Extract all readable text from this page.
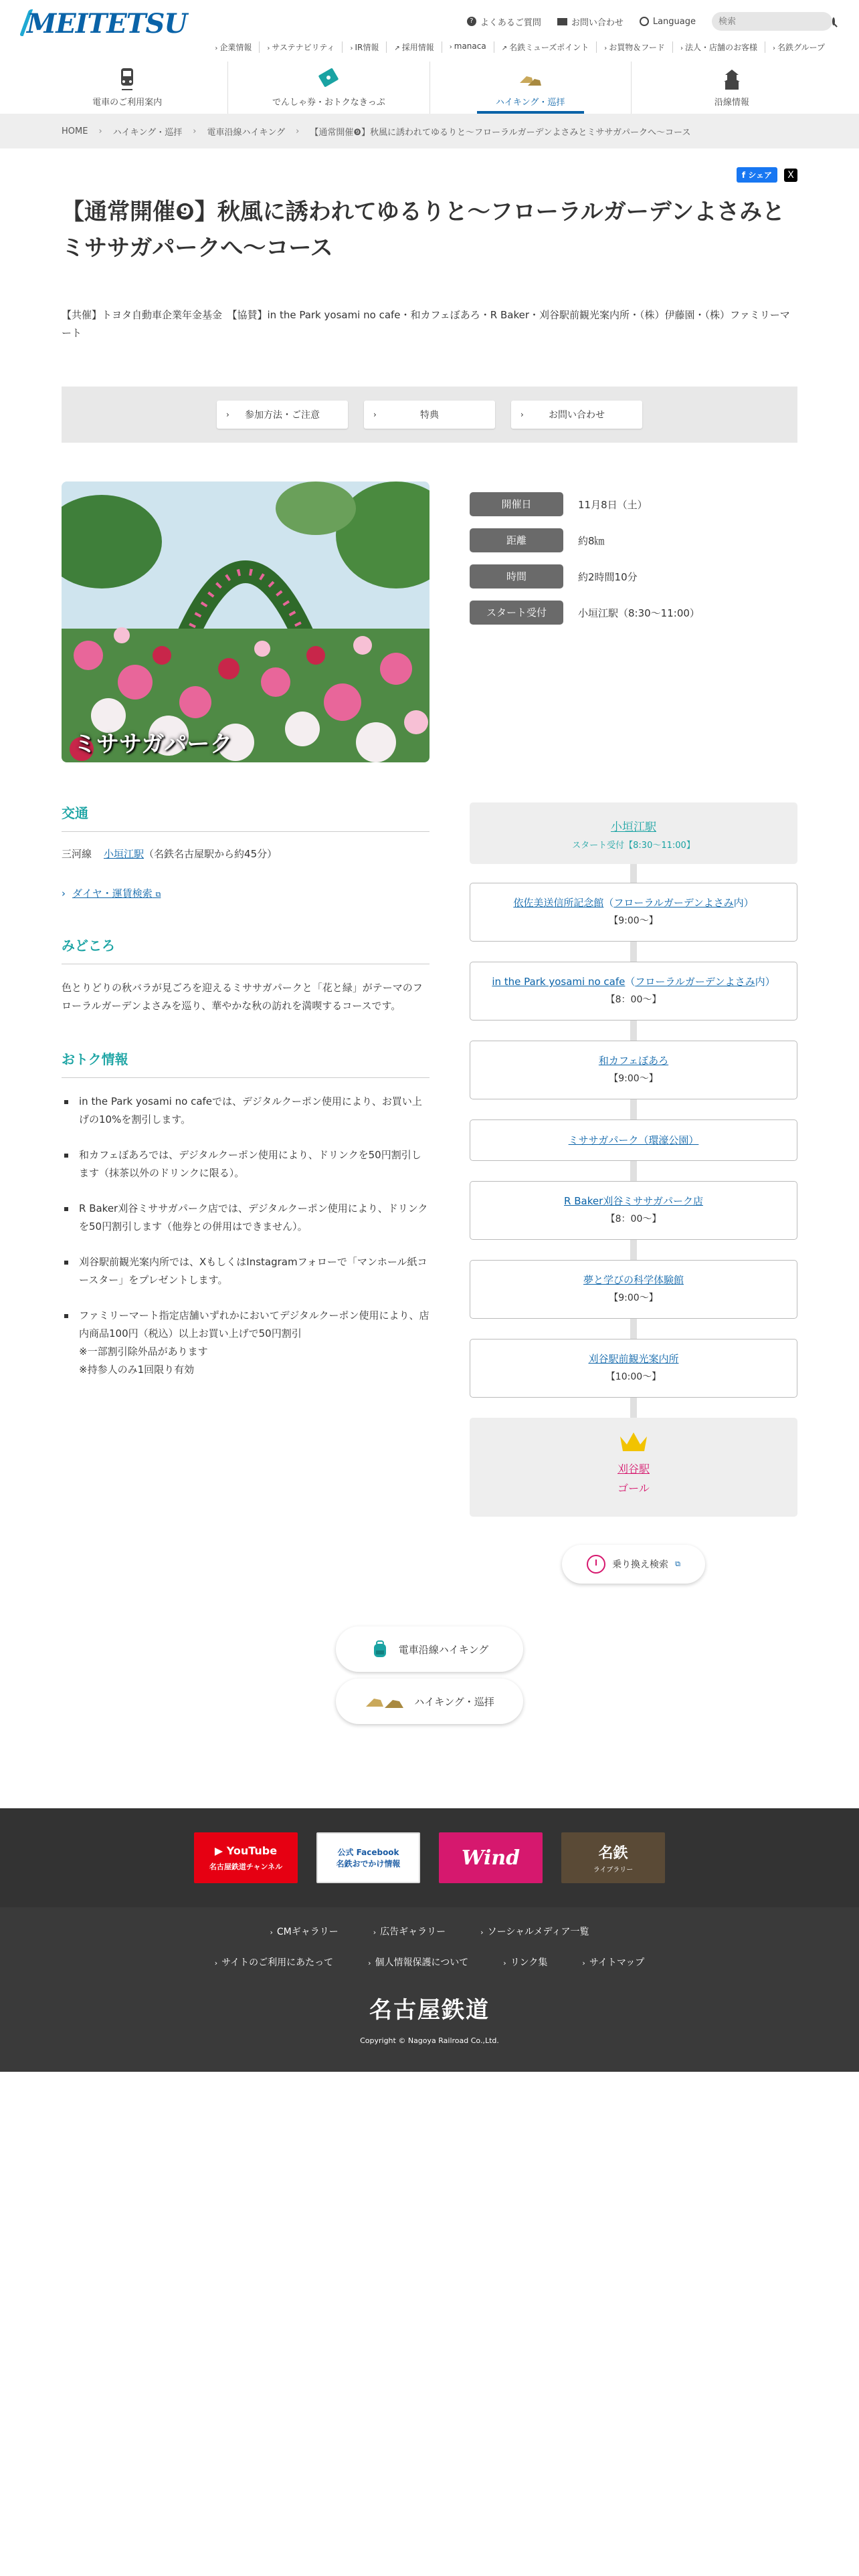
MEITETSU	? よくあるご質問	お問い合わせ	Language
検索
› 企業情報	› サステナビリティ	› IR情報	↗ 採用情報	› manaca	↗ 名鉄ミューズポイント	› お買物＆フード	› 法人・店舗のお客様	› 名鉄グループ
電車のご利用案内	でんしゃ券・おトクなきっぷ	ハイキング・巡拝	沿線情報
HOME › ハイキング・巡拝 › 電車沿線ハイキング › 【通常開催❾】秋風に誘われてゆるりと～フローラルガーデンよさみとミササガパークへ～コース
f シェア	X
【通常開催❾】秋風に誘われてゆるりと～フローラルガーデンよさみとミササガパークへ～コース

【共催】トヨタ自動車企業年金基金　【協賛】in the Park yosami no cafe・和カフェぼあろ・R Baker・刈谷駅前観光案内所・（株）伊藤園・（株）ファミリーマート

›	参加方法・ご注意	›	特典	›	お問い合わせ
ミササガパーク
開催日	11月8日（土）
距離	約8㎞
時間	約2時間10分
スタート受付	小垣江駅（8:30～11:00）
交通

三河線 小垣江駅（名鉄名古屋駅から約45分）

› ダイヤ・運賃検索 ⧉
みどころ

色とりどりの秋バラが見ごろを迎えるミササガパークと「花と緑」がテーマのフローラルガーデンよさみを巡り、華やかな秋の訪れを満喫するコースです。

おトク情報
in the Park yosami no cafeでは、デジタルクーポン使用により、お買い上げの10%を割引します。
和カフェぼあろでは、デジタルクーポン使用により、ドリンクを50円割引します（抹茶以外のドリンクに限る）。
R Baker刈谷ミササガパーク店では、デジタルクーポン使用により、ドリンクを50円割引します（他券との併用はできません）。
刈谷駅前観光案内所では、XもしくはInstagramフォローで「マンホール紙コースター」をプレゼントします。
ファミリーマート指定店舗いずれかにおいてデジタルクーポン使用により、店内商品100円（税込）以上お買い上げで50円割引
※一部割引除外品があります
※持参人のみ1回限り有効
小垣江駅
スタート受付【8:30～11:00】
依佐美送信所記念館（フローラルガーデンよさみ内）
【9:00～】
in the Park yosami no cafe（フローラルガーデンよさみ内）
【8：00～】
和カフェぼあろ
【9:00～】
ミササガパーク（環濠公園）
R Baker刈谷ミササガパーク店
【8：00～】
夢と学びの科学体験館
【9:00～】
刈谷駅前観光案内所
【10:00～】
刈谷駅
ゴール
乗り換え検索 ⧉
電車沿線ハイキング
ハイキング・巡拝
▶ YouTube
名古屋鉄道チャンネル
公式 Facebook
名鉄おでかけ情報	Wind	名鉄
ライブラリー
› CMギャラリー	› 広告ギャラリー	› ソーシャルメディア一覧
› サイトのご利用にあたって	› 個人情報保護について	› リンク集	› サイトマップ
名古屋鉄道
Copyright © Nagoya Railroad Co.,Ltd.
